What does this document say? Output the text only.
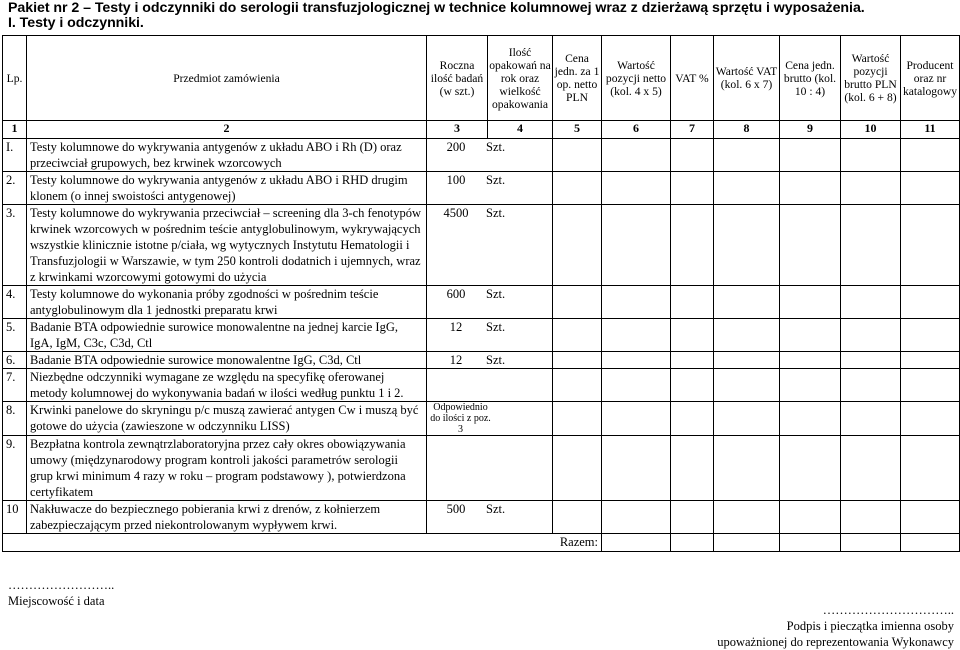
Pakiet nr 2 – Testy i odczynniki do serologii transfuzjologicznej w technice kolumnowej wraz z dzierżawą sprzętu i wyposażenia.
I. Testy i odczynniki.
Lp.	Przedmiot zamówienia	Roczna ilość badań (w szt.)	Ilość opakowań na rok oraz wielkość opakowania	Cena jedn. za 1 op. netto PLN	Wartość pozycji netto (kol. 4 x 5)	VAT %	Wartość VAT (kol. 6 x 7)	Cena jedn. brutto (kol. 10 : 4)	Wartość pozycji brutto PLN (kol. 6 + 8)	Producent oraz nr katalogowy
1	2	3	4	5	6	7	8	9	10	11
I.	Testy kolumnowe do wykrywania antygenów z układu ABO i Rh (D) oraz przeciwciał grupowych, bez krwinek wzorcowych	200 Szt.								
2.	Testy kolumnowe do wykrywania antygenów z układu ABO i RHD drugim klonem (o innej swoistości antygenowej)	100 Szt.								
3.	Testy kolumnowe do wykrywania przeciwciał – screening dla 3-ch fenotypów krwinek wzorcowych w pośrednim teście antyglobulinowym, wykrywających wszystkie klinicznie istotne p/ciała, wg wytycznych Instytutu Hematologii i Transfuzjologii w Warszawie, w tym 250 kontroli dodatnich i ujemnych, wraz z krwinkami wzorcowymi gotowymi do użycia	4500 Szt.								
4.	Testy kolumnowe do wykonania próby zgodności w pośrednim teście antyglobulinowym dla 1 jednostki preparatu krwi	600 Szt.								
5.	Badanie BTA odpowiednie surowice monowalentne na jednej karcie IgG, IgA, IgM, C3c, C3d, Ctl	12 Szt.								
6.	Badanie BTA odpowiednie surowice monowalentne IgG, C3d, Ctl	12 Szt.								
7.	Niezbędne odczynniki wymagane ze względu na specyfikę oferowanej metody kolumnowej do wykonywania badań w ilości według punktu 1 i 2.									
8.	Krwinki panelowe do skryningu p/c muszą zawierać antygen Cw i muszą być gotowe do użycia (zawieszone w odczynniku LISS)	Odpowiednio do ilości z poz. 3								

9.	Bezpłatna kontrola zewnątrzlaboratoryjna przez cały okres obowiązywania umowy (międzynarodowy program kontroli jakości parametrów serologii grup krwi minimum 4 razy w roku – program podstawowy ), potwierdzona certyfikatem									
10	Nakłuwacze do bezpiecznego pobierania krwi z drenów, z kołnierzem zabezpieczającym przed niekontrolowanym wypływem krwi.	500 Szt.								
Razem:										
……………………..
Miejscowość i data
…………………………..
Podpis i pieczątka imienna osoby
upoważnionej do reprezentowania Wykonawcy
